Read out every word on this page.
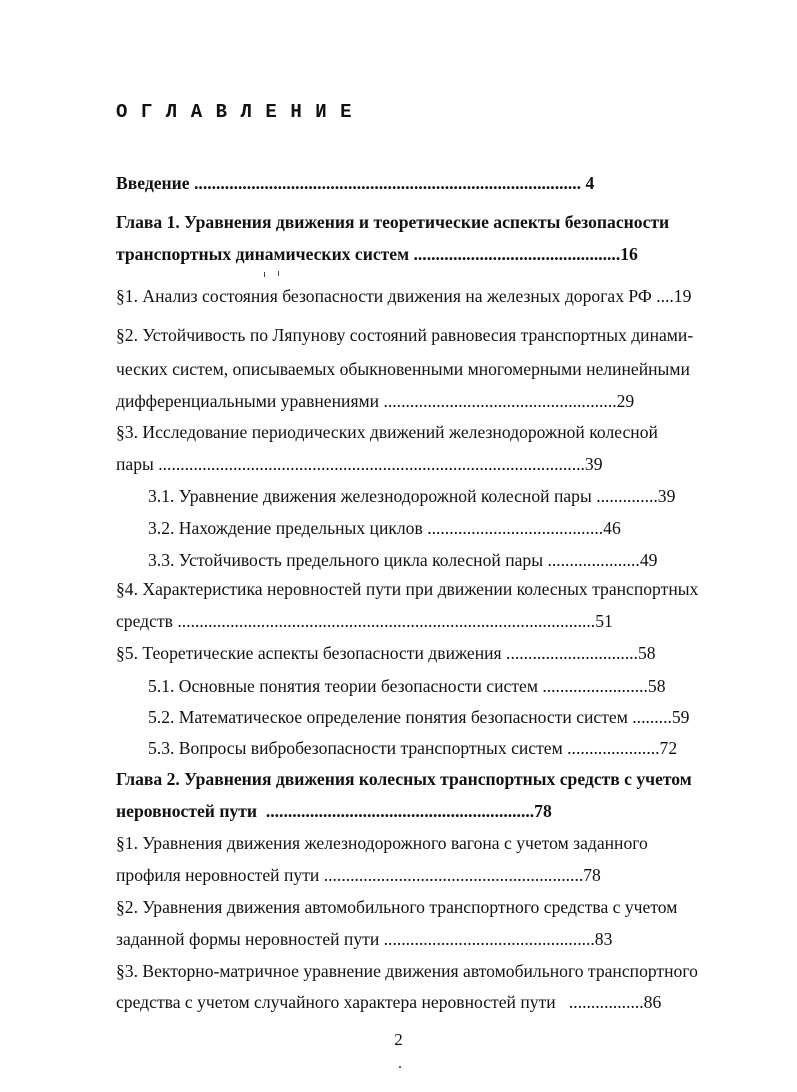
ОГЛАВЛЕНИЕ
Введение ........................................................................................ 4
Глава 1. Уравнения движения и теоретические аспекты безопасности
транспортных динамических систем ...............................................16
§1. Анализ состояния безопасности движения на железных дорогах РФ ....19
§2. Устойчивость по Ляпунову состояний равновесия транспортных динами-
ческих систем, описываемых обыкновенными многомерными нелинейными
дифференциальными уравнениями .....................................................29
§3. Исследование периодических движений железнодорожной колесной
пары .................................................................................................39
3.1. Уравнение движения железнодорожной колесной пары ..............39
3.2. Нахождение предельных циклов ........................................46
3.3. Устойчивость предельного цикла колесной пары .....................49
§4. Характеристика неровностей пути при движении колесных транспортных
средств ...............................................................................................51
§5. Теоретические аспекты безопасности движения ..............................58
5.1. Основные понятия теории безопасности систем ........................58
5.2. Математическое определение понятия безопасности систем .........59
5.3. Вопросы вибробезопасности транспортных систем .....................72
Глава 2. Уравнения движения колесных транспортных средств с учетом
неровностей пути  .............................................................78
§1. Уравнения движения железнодорожного вагона с учетом заданного
профиля неровностей пути ...........................................................78
§2. Уравнения движения автомобильного транспортного средства с учетом
заданной формы неровностей пути ................................................83
§3. Векторно-матричное уравнение движения автомобильного транспортного
средства с учетом случайного характера неровностей пути   .................86
2
